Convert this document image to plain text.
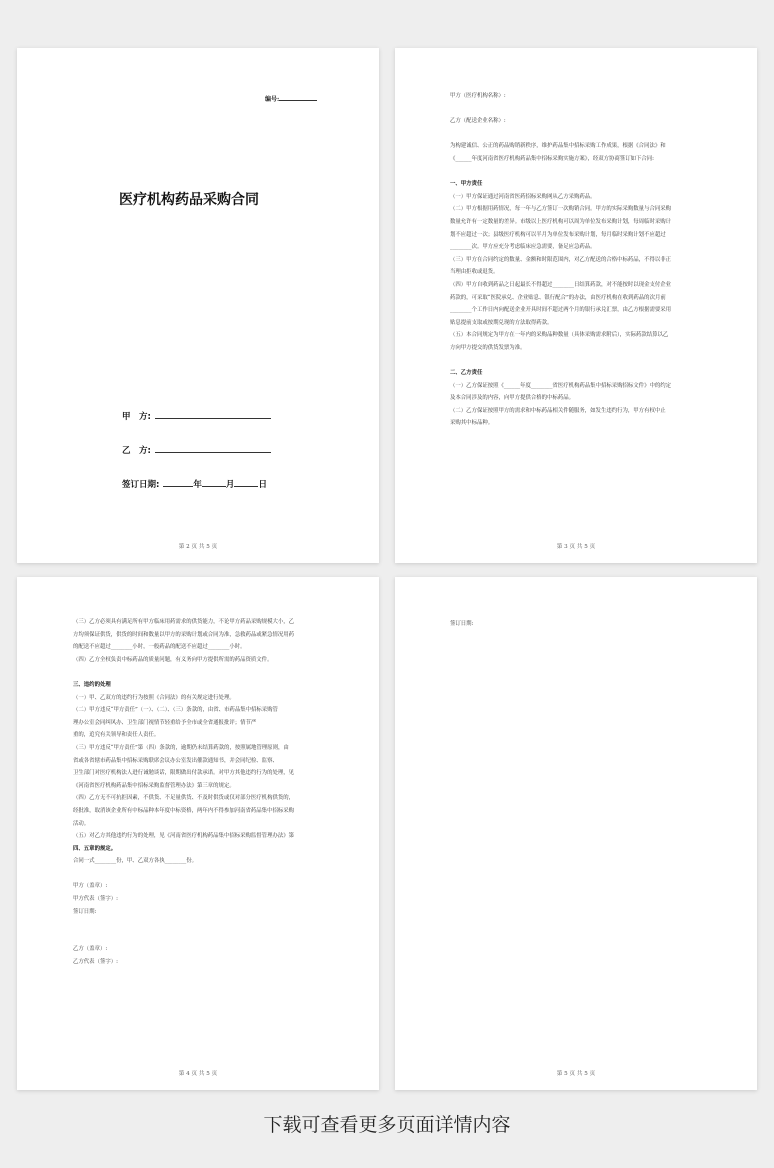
编号:
医疗机构药品采购合同
甲　方:
乙　方:
签订日期:	年	月	日
第 2 页 共 5 页

甲方（医疗机构名称）:

乙方（配送企业名称）:

为构建诚信、公正的药品购销新秩序，维护药品集中招标采购工作成果，根据《合同法》和

《______年度河南省医疗机构药品集中招标采购实施方案》，经双方协商签订如下合同:

一、甲方责任

（一）甲方保证通过河南省医药招标采购网从乙方采购药品。

（二）甲方根据用药情况，每一年与乙方签订一次购销合同。甲方的实际采购数量与合同采购

数量允许有一定数量的差异。市级以上医疗机构可以周为单位发布采购计划，每周临时采购计

划不应超过一次；县级医疗机构可以半月为单位发布采购计划，每月临时采购计划不应超过

________次。甲方应充分考虑临床应急需要，备足应急药品。

（三）甲方在合同约定的数量、金额和时限范围内，对乙方配送的合格中标药品，不得以非正

当理由拒收或退货。

（四）甲方自收到药品之日起最长不得超过________日结算药款，对不能按时以现金支付企业

药款的，可采取“医院承兑、企业贴息、银行配合”的办法，由医疗机构在收到药品的次月前

________个工作日内向配送企业开具时间不超过两个月的银行承兑汇票，由乙方根据需要采用

贴息提前支取或按期兑现的方法取得药款。

（五）本合同规定为甲方在一年内的采购品种数量（具体采购需求附后），实际药款结算以乙

方向甲方提交的供货发票为准。

二、乙方责任

（一）乙方保证按照《______年度________省医疗机构药品集中招标采购招标文件》中的约定

及本合同涉及的内容，向甲方提供合格的中标药品。

（二）乙方保证按照甲方的需求和中标药品相关件随服务，如发生违约行为，甲方有权中止

采购其中标品种。

第 3 页 共 5 页

（三）乙方必须具有满足所有甲方临床用药需求的供货能力，不论甲方药品采购规模大小，乙

方均须保证供货，供货的时间和数量以甲方的采购计划或合同为准，急救药品或紧急情况用药

的配送不应超过________小时，一般药品的配送不应超过________小时。

（四）乙方全权负责中标药品的质量问题，有义务向甲方提供所需的药品资质文件。

三、违约的处理

（一）甲、乙双方的违约行为按照《合同法》的有关规定进行处理。

（二）甲方违反“甲方责任”（一）、（二）、（三）条款的，由省、市药品集中招标采购管

理办公室会同纠风办、卫生部门视情节轻重给予全市或全省通报批评；情节严

重的，追究有关领导和责任人责任。

（三）甲方违反“甲方责任”第（四）条款的，逾期仍未结算药款的，按照属地管理原则，由

省或各省辖市药品集中招标采购联席会议办公室发出催款通知书，并会同纪检、监察、

卫生部门对医疗机构法人进行诫勉谈话，限期做出付款承诺。对甲方其他违约行为的处理，见

《河南省医疗机构药品集中招标采购监督管理办法》第三章的规定。

（四）乙方无不可抗拒因素，不供货、不足量供货、不及时供货或仅对部分医疗机构供货的，

经批准，取消该企业所有中标品种本年度中标资格，两年内不得参加河南省药品集中招标采购

活动。

（五）对乙方其他违约行为的处理，见《河南省医疗机构药品集中招标采购监督管理办法》第

四、五章的规定。

合同一式________份，甲、乙双方各执________份。

甲方（盖章）:

甲方代表（签字）:

签订日期:

乙方（盖章）:

乙方代表（签字）:

第 4 页 共 5 页

签订日期:

第 5 页 共 5 页
下载可查看更多页面详情内容
